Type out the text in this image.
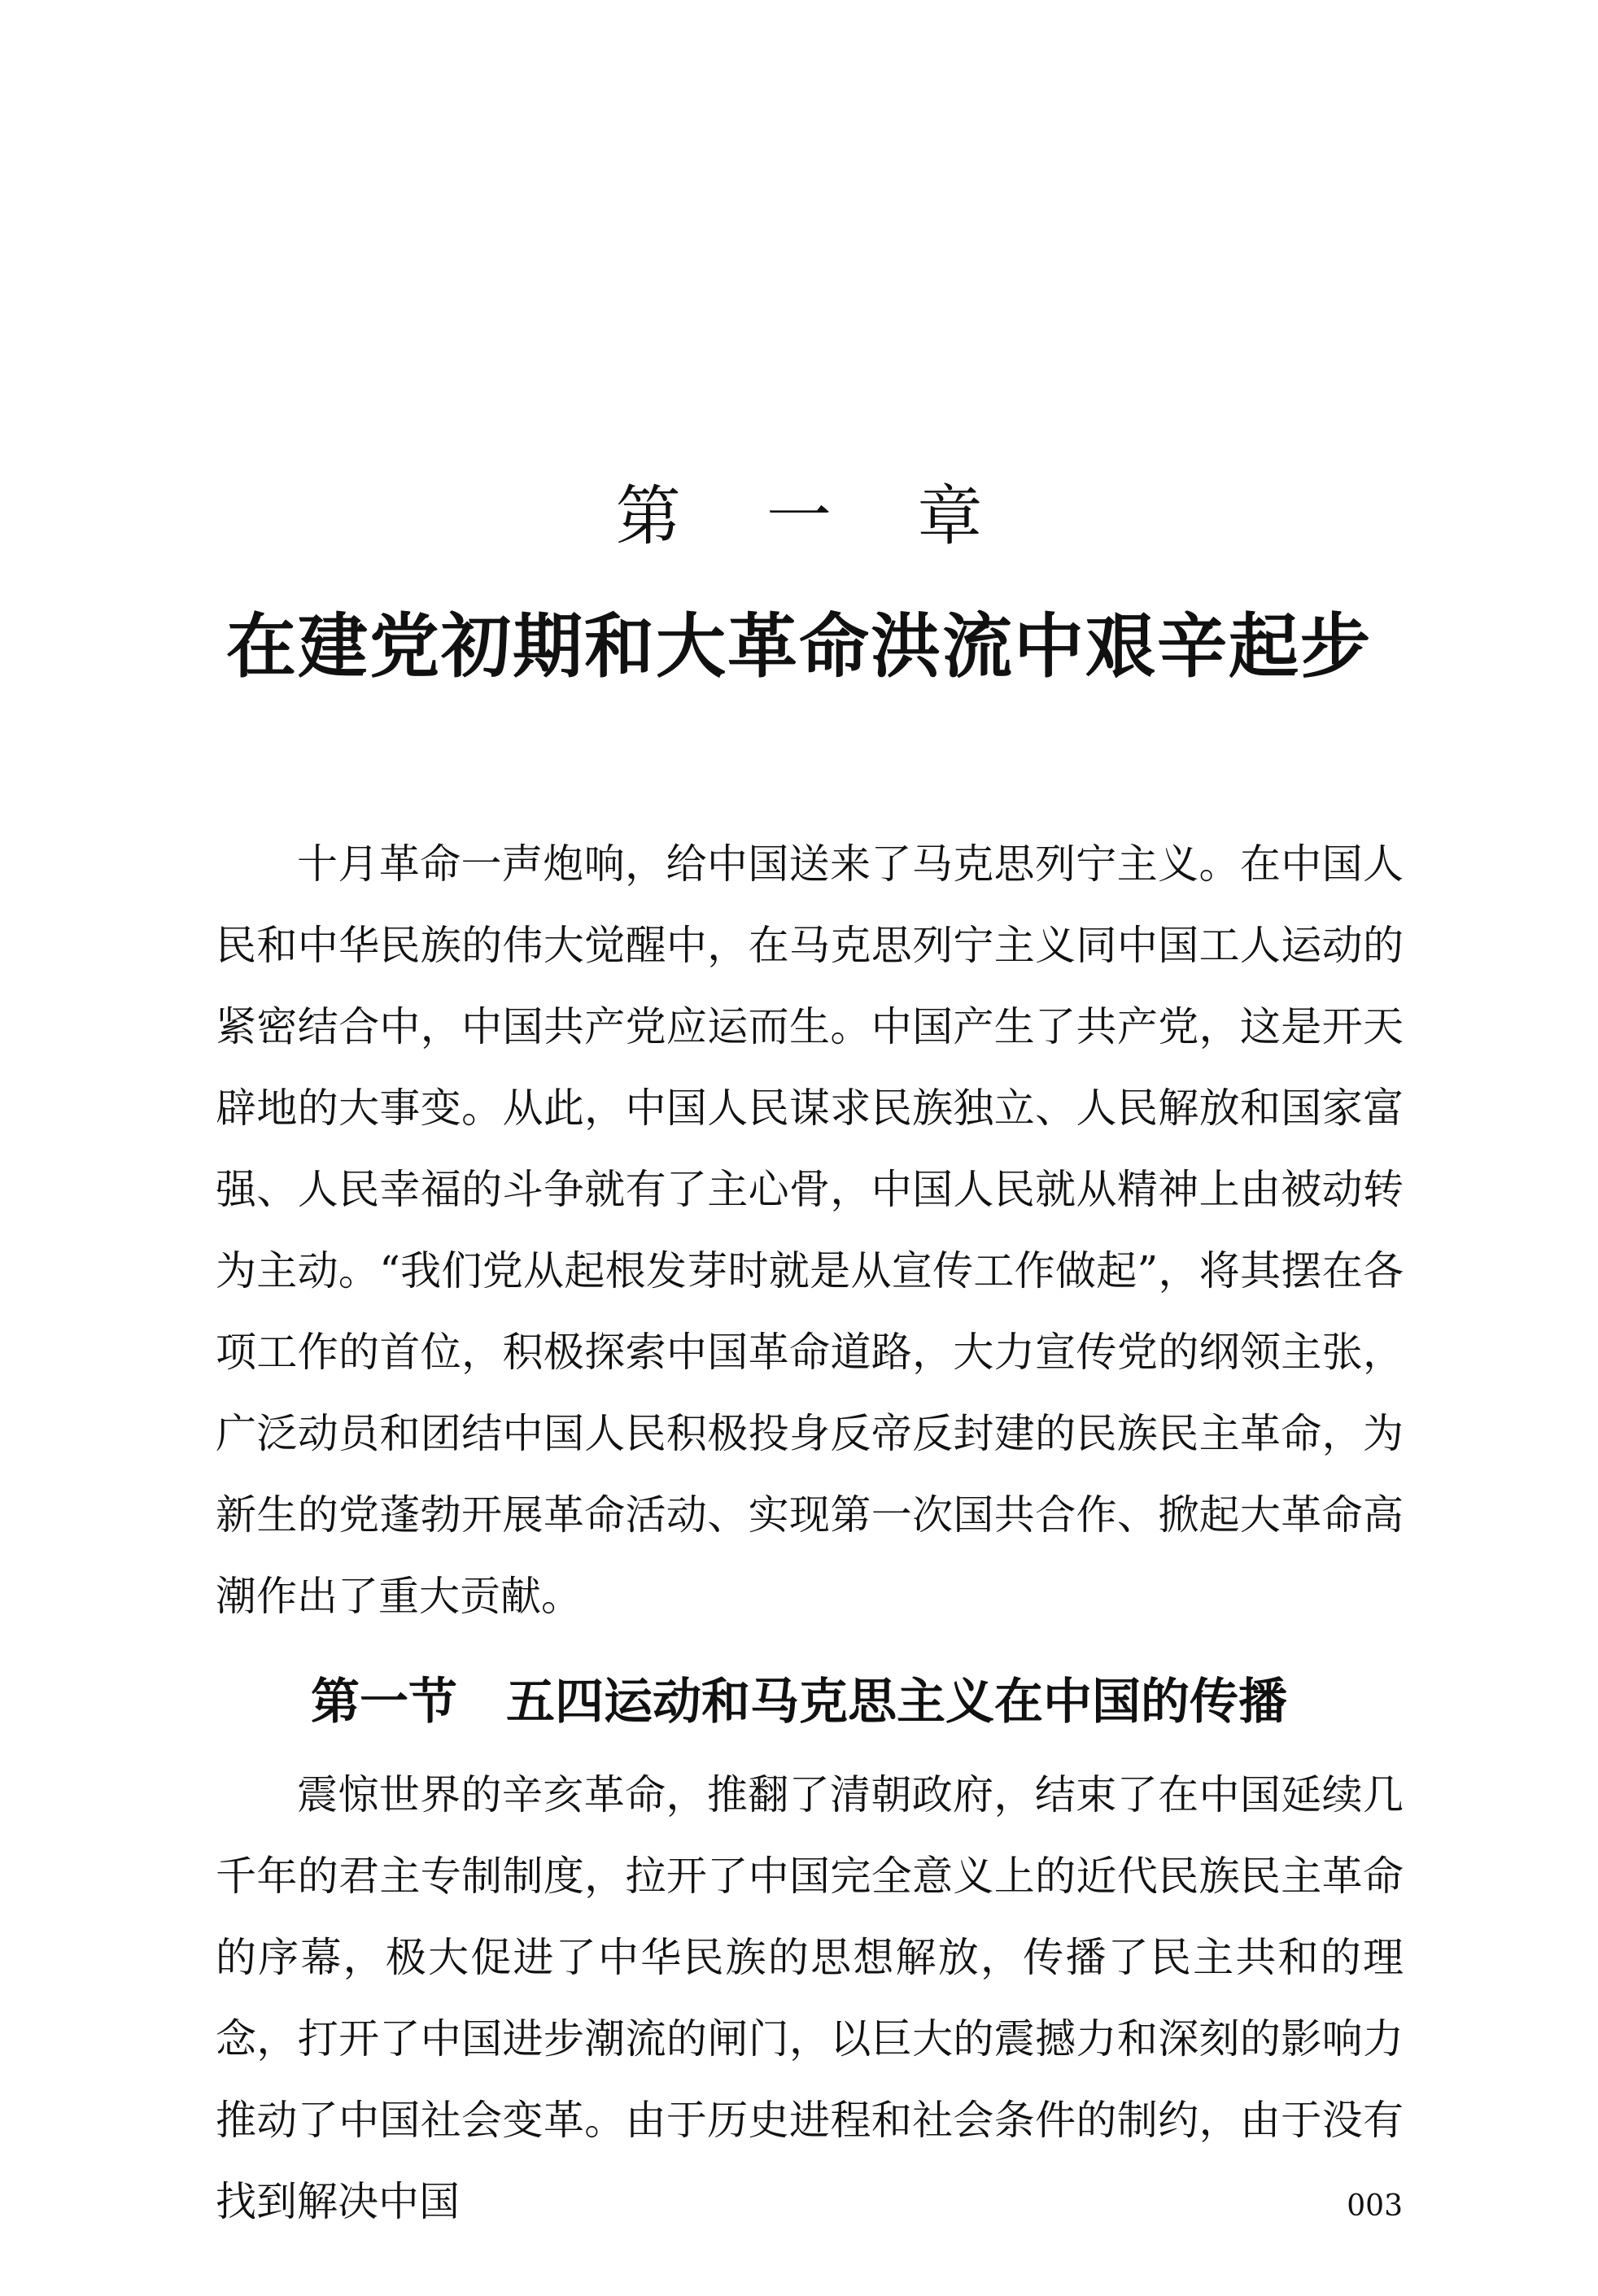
第 一 章
在建党初期和大革命洪流中艰辛起步

十月革命一声炮响，给中国送来了马克思列宁主义。在中国人民和中华民族的伟大觉醒中，在马克思列宁主义同中国工人运动的紧密结合中，中国共产党应运而生。中国产生了共产党，这是开天辟地的大事变。从此，中国人民谋求民族独立、人民解放和国家富强、人民幸福的斗争就有了主心骨，中国人民就从精神上由被动转为主动。“我们党从起根发芽时就是从宣传工作做起”，将其摆在各项工作的首位，积极探索中国革命道路，大力宣传党的纲领主张，广泛动员和团结中国人民积极投身反帝反封建的民族民主革命，为新生的党蓬勃开展革命活动、实现第一次国共合作、掀起大革命高潮作出了重大贡献。

第一节 五四运动和马克思主义在中国的传播

震惊世界的辛亥革命，推翻了清朝政府，结束了在中国延续几千年的君主专制制度，拉开了中国完全意义上的近代民族民主革命的序幕，极大促进了中华民族的思想解放，传播了民主共和的理念，打开了中国进步潮流的闸门，以巨大的震撼力和深刻的影响力推动了中国社会变革。由于历史进程和社会条件的制约，由于没有找到解决中国	003
